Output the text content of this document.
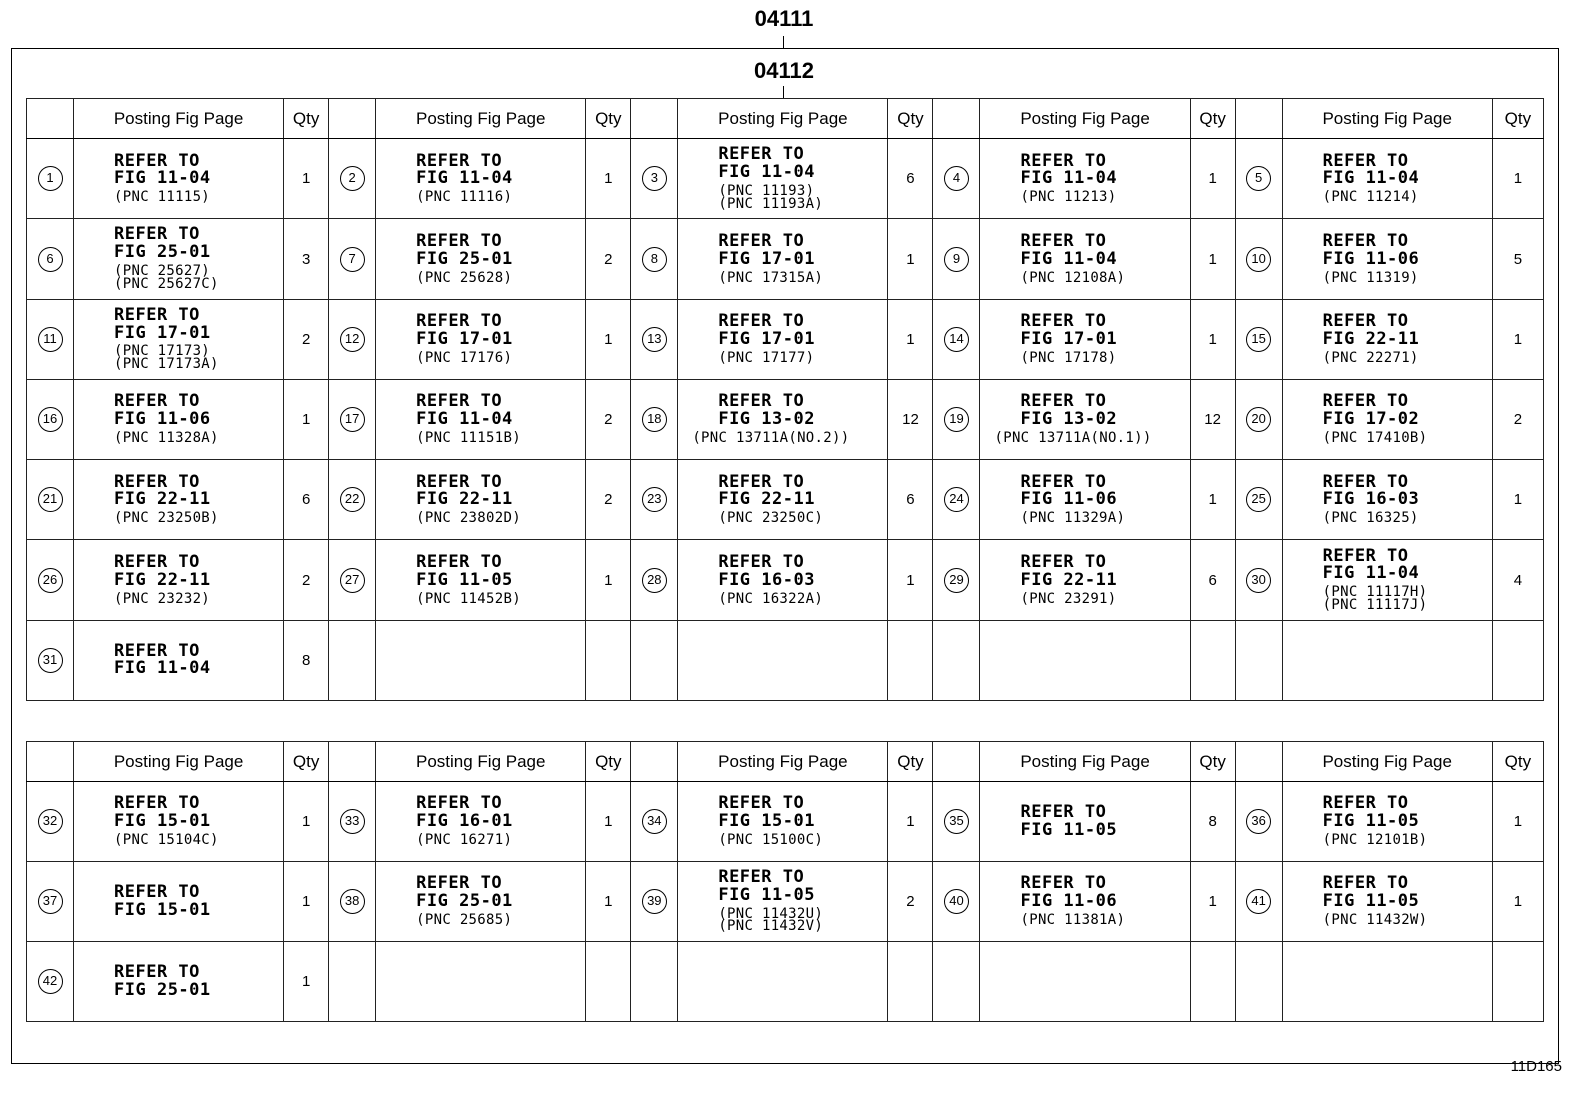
04111
04112
	Posting Fig Page	Qty		Posting Fig Page	Qty		Posting Fig Page	Qty		Posting Fig Page	Qty		Posting Fig Page	Qty
1	REFER TO
FIG 11-04
(PNC 11115)	1	2	REFER TO
FIG 11-04
(PNC 11116)	1	3	REFER TO
FIG 11-04
(PNC 11193)
(PNC 11193A)	6	4	REFER TO
FIG 11-04
(PNC 11213)	1	5	REFER TO
FIG 11-04
(PNC 11214)	1
6	REFER TO
FIG 25-01
(PNC 25627)
(PNC 25627C)	3	7	REFER TO
FIG 25-01
(PNC 25628)	2	8	REFER TO
FIG 17-01
(PNC 17315A)	1	9	REFER TO
FIG 11-04
(PNC 12108A)	1	10	REFER TO
FIG 11-06
(PNC 11319)	5
11	REFER TO
FIG 17-01
(PNC 17173)
(PNC 17173A)	2	12	REFER TO
FIG 17-01
(PNC 17176)	1	13	REFER TO
FIG 17-01
(PNC 17177)	1	14	REFER TO
FIG 17-01
(PNC 17178)	1	15	REFER TO
FIG 22-11
(PNC 22271)	1
16	REFER TO
FIG 11-06
(PNC 11328A)	1	17	REFER TO
FIG 11-04
(PNC 11151B)	2	18	REFER TO
FIG 13-02
(PNC 13711A(NO.2))	12	19	REFER TO
FIG 13-02
(PNC 13711A(NO.1))	12	20	REFER TO
FIG 17-02
(PNC 17410B)	2
21	REFER TO
FIG 22-11
(PNC 23250B)	6	22	REFER TO
FIG 22-11
(PNC 23802D)	2	23	REFER TO
FIG 22-11
(PNC 23250C)	6	24	REFER TO
FIG 11-06
(PNC 11329A)	1	25	REFER TO
FIG 16-03
(PNC 16325)	1
26	REFER TO
FIG 22-11
(PNC 23232)	2	27	REFER TO
FIG 11-05
(PNC 11452B)	1	28	REFER TO
FIG 16-03
(PNC 16322A)	1	29	REFER TO
FIG 22-11
(PNC 23291)	6	30	REFER TO
FIG 11-04
(PNC 11117H)
(PNC 11117J)	4
31	REFER TO
FIG 11-04	8												
	Posting Fig Page	Qty		Posting Fig Page	Qty		Posting Fig Page	Qty		Posting Fig Page	Qty		Posting Fig Page	Qty
32	REFER TO
FIG 15-01
(PNC 15104C)	1	33	REFER TO
FIG 16-01
(PNC 16271)	1	34	REFER TO
FIG 15-01
(PNC 15100C)	1	35	REFER TO
FIG 11-05	8	36	REFER TO
FIG 11-05
(PNC 12101B)	1
37	REFER TO
FIG 15-01	1	38	REFER TO
FIG 25-01
(PNC 25685)	1	39	REFER TO
FIG 11-05
(PNC 11432U)
(PNC 11432V)	2	40	REFER TO
FIG 11-06
(PNC 11381A)	1	41	REFER TO
FIG 11-05
(PNC 11432W)	1
42	REFER TO
FIG 25-01	1												
11D165
